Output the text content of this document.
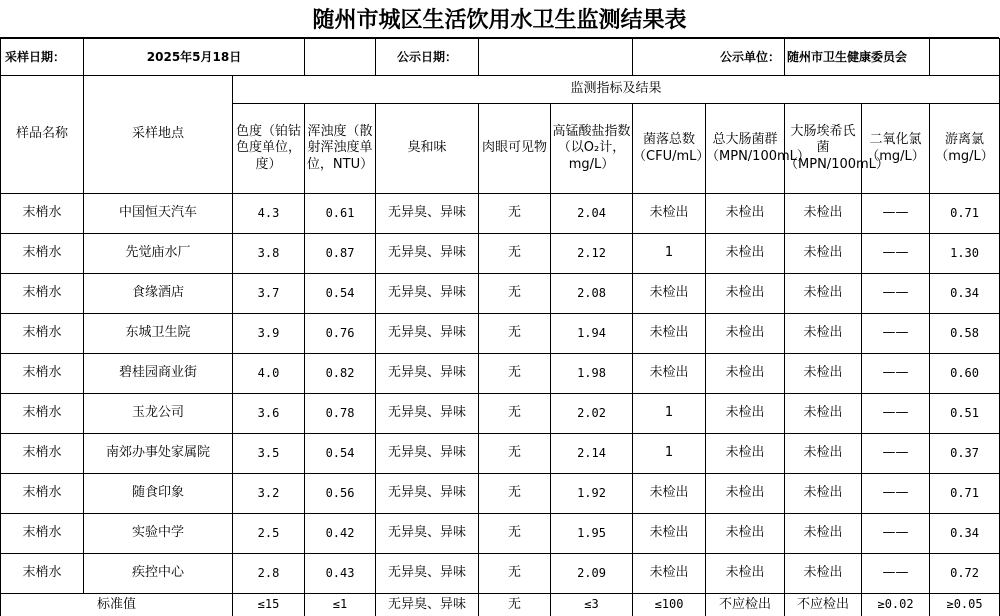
随州市城区生活饮用水卫生监测结果表
采样日期：	2025年5月18日			公示日期：			公示单位：		随州市卫生健康委员会		
样品名称	采样地点	监测指标及结果									
		色度（铂钴色度单位，度）	浑浊度（散射浑浊度单位，NTU）	臭和味	肉眼可见物	高锰酸盐指数（以O₂计，mg/L）	菌落总数（CFU/mL）	总大肠菌群（MPN/100mL）	大肠埃希氏菌（MPN/100mL）	二氧化氯（mg/L）	游离氯（mg/L）
末梢水	中国恒天汽车	4.3	0.61	无异臭、异味	无	2.04	未检出	未检出	未检出	——	0.71
末梢水	先觉庙水厂	3.8	0.87	无异臭、异味	无	2.12	1	未检出	未检出	——	1.30
末梢水	食缘酒店	3.7	0.54	无异臭、异味	无	2.08	未检出	未检出	未检出	——	0.34
末梢水	东城卫生院	3.9	0.76	无异臭、异味	无	1.94	未检出	未检出	未检出	——	0.58
末梢水	碧桂园商业街	4.0	0.82	无异臭、异味	无	1.98	未检出	未检出	未检出	——	0.60
末梢水	玉龙公司	3.6	0.78	无异臭、异味	无	2.02	1	未检出	未检出	——	0.51
末梢水	南郊办事处家属院	3.5	0.54	无异臭、异味	无	2.14	1	未检出	未检出	——	0.37
末梢水	随食印象	3.2	0.56	无异臭、异味	无	1.92	未检出	未检出	未检出	——	0.71
末梢水	实验中学	2.5	0.42	无异臭、异味	无	1.95	未检出	未检出	未检出	——	0.34
末梢水	疾控中心	2.8	0.43	无异臭、异味	无	2.09	未检出	未检出	未检出	——	0.72
标准值		≤15	≤1	无异臭、异味	无	≤3	≤100	不应检出	不应检出	≥0.02	≥0.05
